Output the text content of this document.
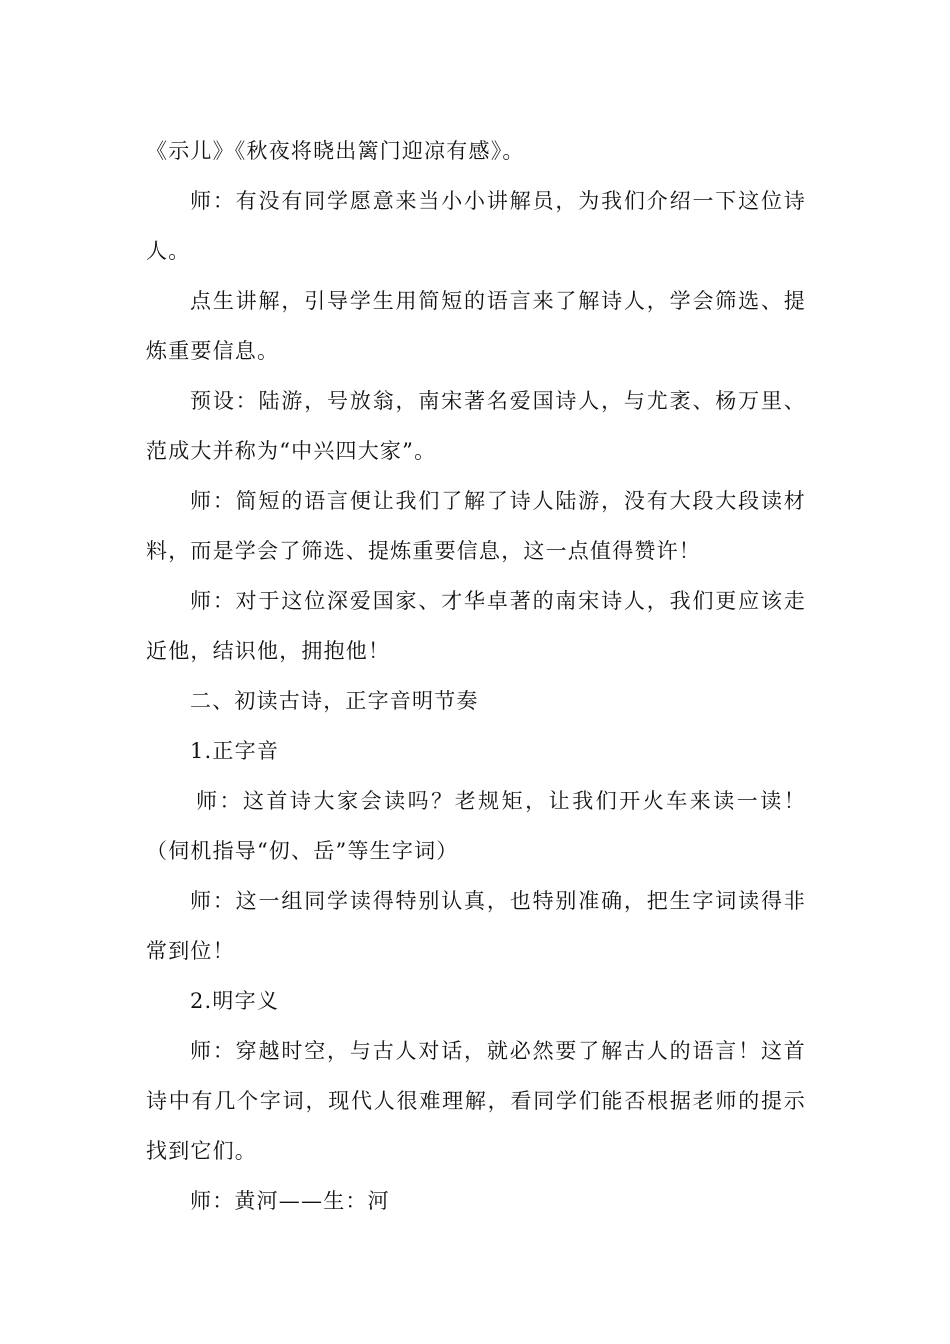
《示儿》《秋夜将晓出篱门迎凉有感》。

师：有没有同学愿意来当小小讲解员，为我们介绍一下这位诗人。

点生讲解，引导学生用简短的语言来了解诗人，学会筛选、提炼重要信息。

预设：陆游，号放翁，南宋著名爱国诗人，与尤袤、杨万里、范成大并称为“中兴四大家”。

师：简短的语言便让我们了解了诗人陆游，没有大段大段读材料，而是学会了筛选、提炼重要信息，这一点值得赞许！

师：对于这位深爱国家、才华卓著的南宋诗人，我们更应该走近他，结识他，拥抱他！

二、初读古诗，正字音明节奏

1.正字音

师：这首诗大家会读吗？老规矩，让我们开火车来读一读！（伺机指导“仞、岳”等生字词）

师：这一组同学读得特别认真，也特别准确，把生字词读得非常到位！

2.明字义

师：穿越时空，与古人对话，就必然要了解古人的语言！这首诗中有几个字词，现代人很难理解，看同学们能否根据老师的提示找到它们。

师：黄河——生：河
